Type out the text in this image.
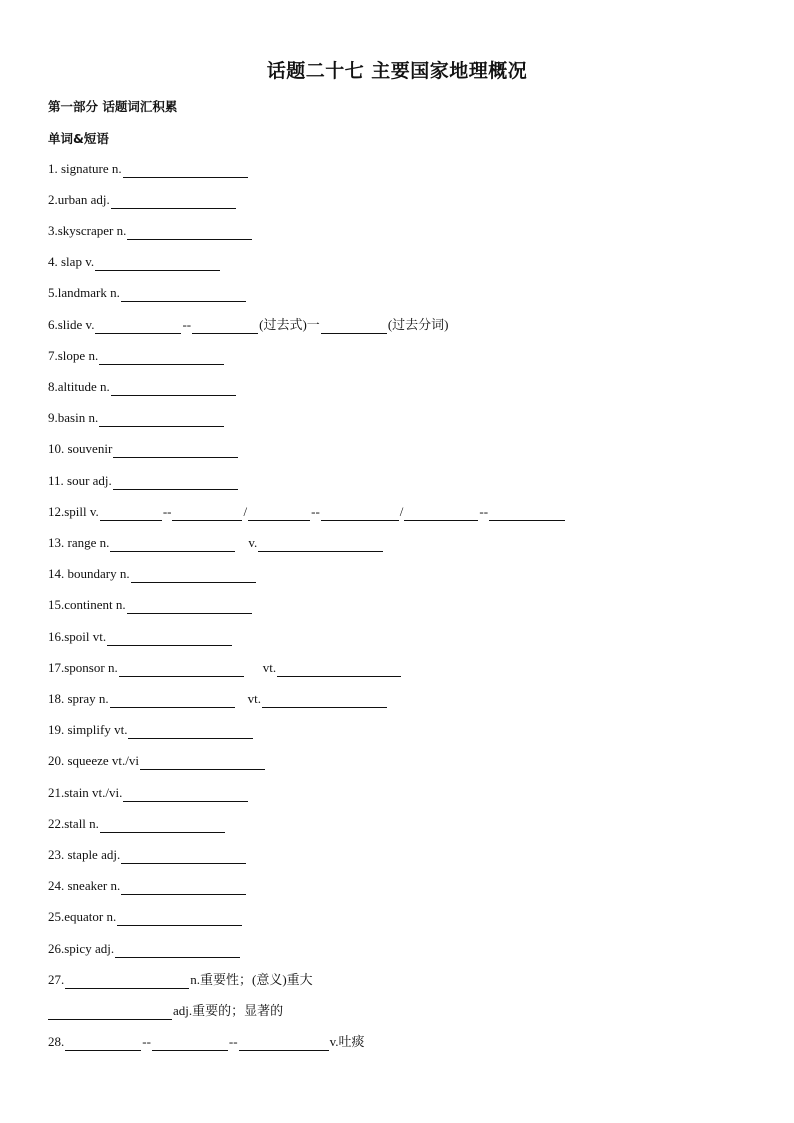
话题二十七 主要国家地理概况
第一部分 话题词汇积累
单词&短语
1. signature n.
2.urban adj.
3.skyscraper n.
4. slap v.
5.landmark n.
6.slide v.	--	(过去式)一	(过去分词)
7.slope n.
8.altitude n.
9.basin n.
10. souvenir
11. sour adj.
12.spill v.	--	/	--	/	--
13. range n.	v.
14. boundary n.
15.continent n.
16.spoil vt.
17.sponsor n.	vt.
18. spray n.	vt.
19. simplify vt.
20. squeeze vt./vi
21.stain vt./vi.
22.stall n.
23. staple adj.
24. sneaker n.
25.equator n.
26.spicy adj.
27.	n.重要性；(意义)重大
adj.重要的；显著的
28.	--	--	v.吐痰
